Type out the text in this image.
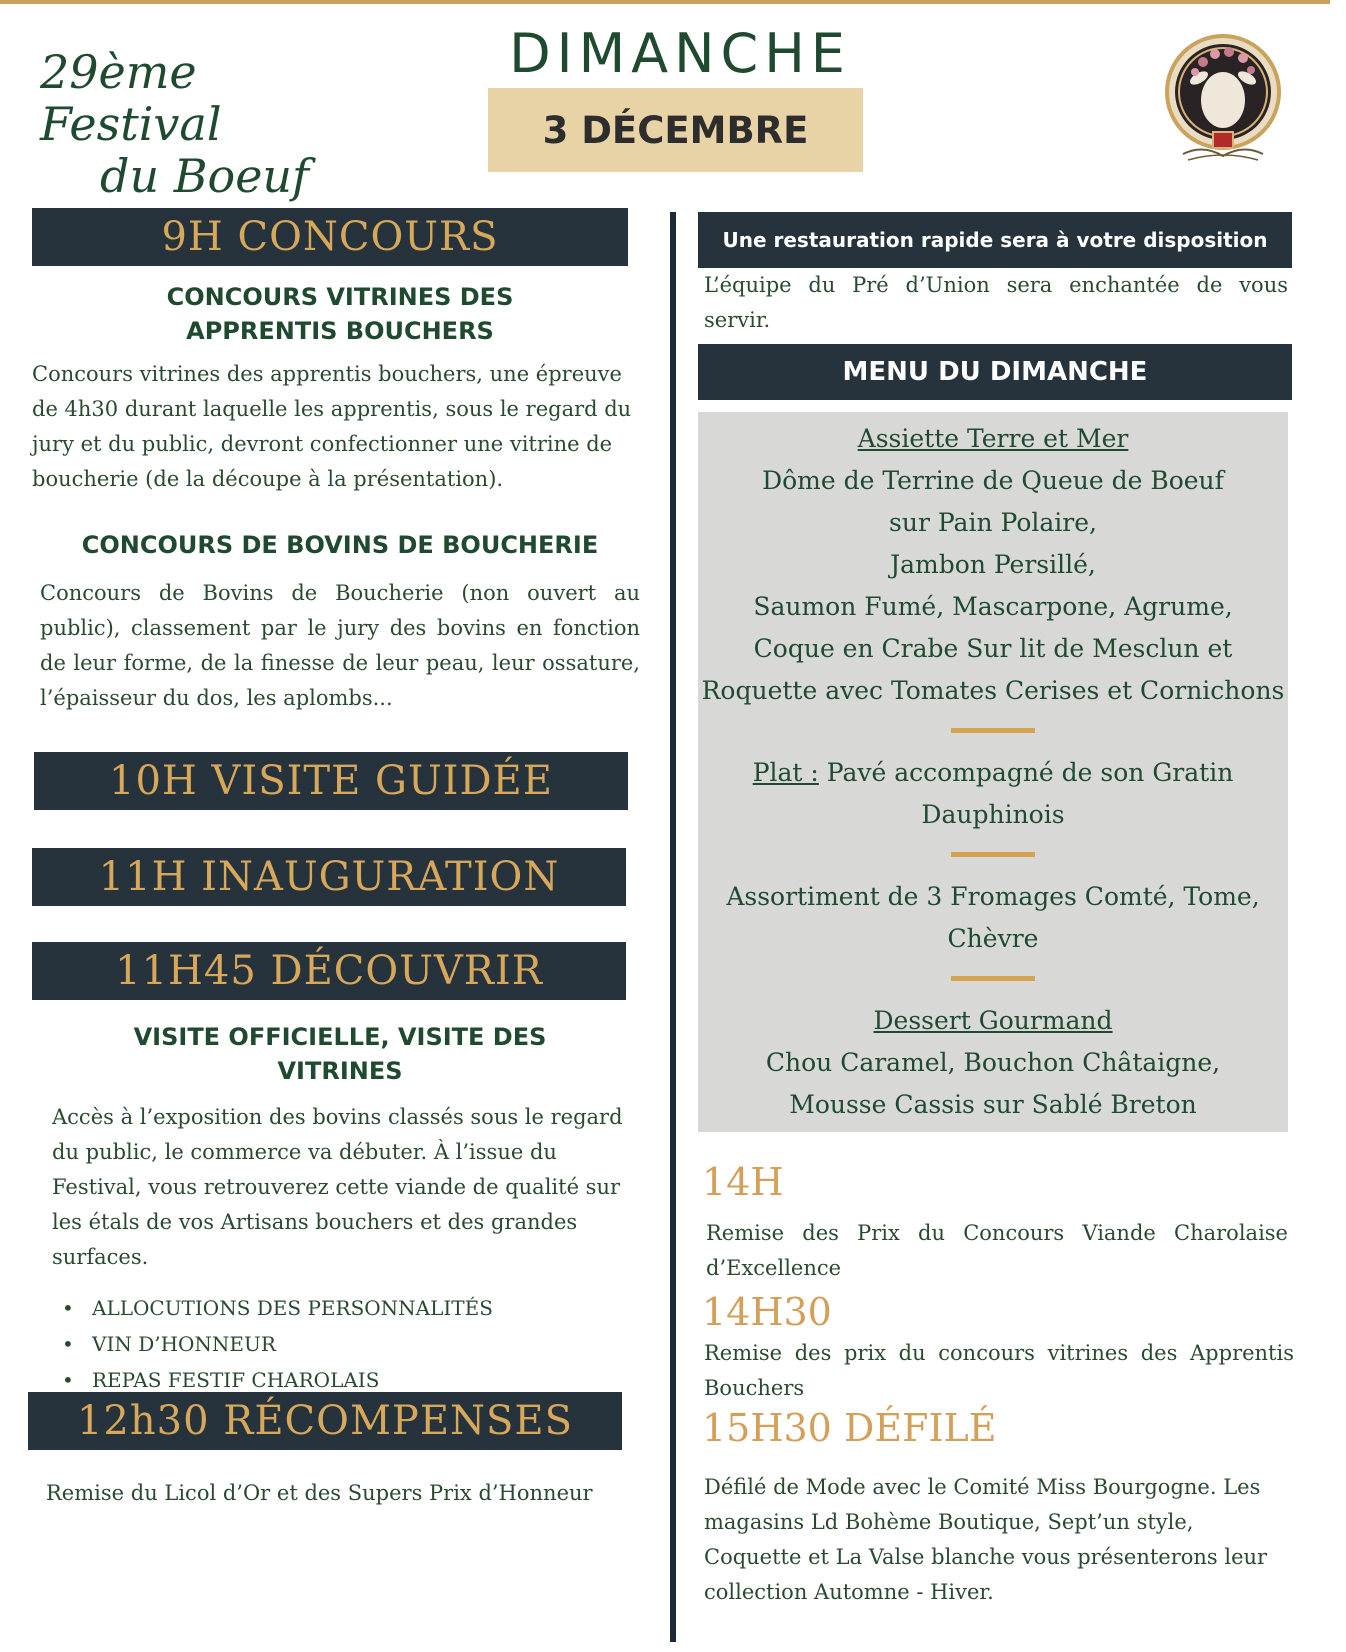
29ème Festival
du Boeuf
DIMANCHE
3 DÉCEMBRE
9H CONCOURS
CONCOURS VITRINES DES
APPRENTIS BOUCHERS
Concours vitrines des apprentis bouchers, une épreuve de 4h30 durant laquelle les apprentis, sous le regard du jury et du public, devront confectionner une vitrine de boucherie (de la découpe à la présentation).
CONCOURS DE BOVINS DE BOUCHERIE
Concours de Bovins de Boucherie (non ouvert au public), classement par le jury des bovins en fonction de leur forme, de la finesse de leur peau, leur ossature, l’épaisseur du dos, les aplombs...
10H VISITE GUIDÉE
11H INAUGURATION
11H45 DÉCOUVRIR
VISITE OFFICIELLE, VISITE DES
VITRINES
Accès à l’exposition des bovins classés sous le regard du public, le commerce va débuter. À l’issue du Festival, vous retrouverez cette viande de qualité sur les étals de vos Artisans bouchers et des grandes surfaces.
• ALLOCUTIONS DES PERSONNALITÉS
• VIN D’HONNEUR
• REPAS FESTIF CHAROLAIS
12h30 RÉCOMPENSES
Remise du Licol d’Or et des Supers Prix d’Honneur
Une restauration rapide sera à votre disposition
L’équipe du Pré d’Union sera enchantée de vous servir.
MENU DU DIMANCHE
Assiette Terre et Mer
Dôme de Terrine de Queue de Boeuf
sur Pain Polaire,
Jambon Persillé,
Saumon Fumé, Mascarpone, Agrume,
Coque en Crabe Sur lit de Mesclun et
Roquette avec Tomates Cerises et Cornichons
Plat : Pavé accompagné de son Gratin
Dauphinois
Assortiment de 3 Fromages Comté, Tome,
Chèvre
Dessert Gourmand
Chou Caramel, Bouchon Châtaigne,
Mousse Cassis sur Sablé Breton
14H
Remise des Prix du Concours Viande Charolaise d’Excellence
14H30
Remise des prix du concours vitrines des Apprentis Bouchers
15H30 DÉFILÉ
Défilé de Mode avec le Comité Miss Bourgogne. Les magasins Ld Bohème Boutique, Sept’un style, Coquette et La Valse blanche vous présenterons leur collection Automne - Hiver.
